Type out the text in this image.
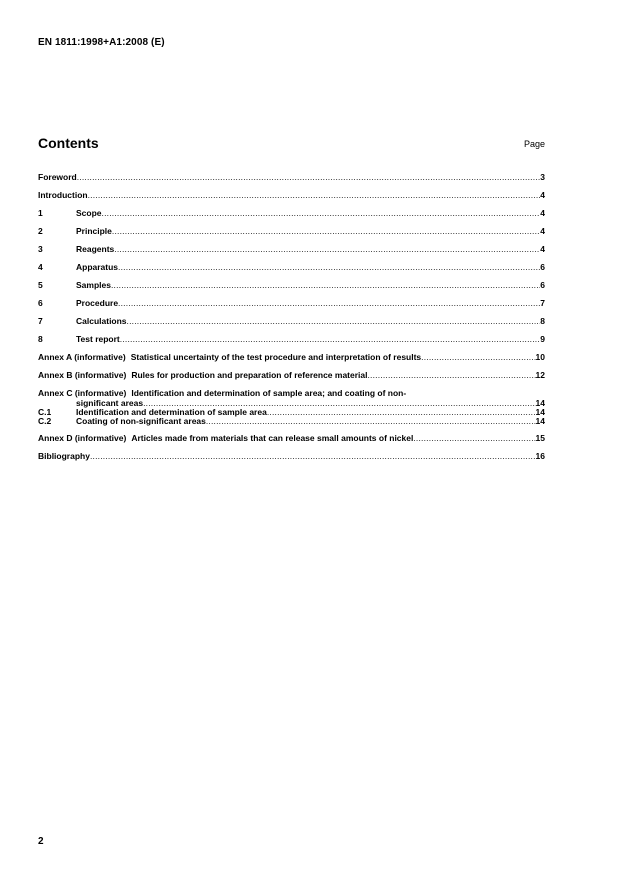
EN 1811:1998+A1:2008 (E)
Contents	Page
Foreword .....	3
Introduction .....	4
1	Scope .....	4
2	Principle .....	4
3	Reagents .....	4
4	Apparatus .....	6
5	Samples .....	6
6	Procedure .....	7
7	Calculations .....	8
8	Test report .....	9
Annex A (informative) Statistical uncertainty of the test procedure and interpretation of results .....	10
Annex B (informative) Rules for production and preparation of reference material .....	12
Annex C (informative) Identification and determination of sample area; and coating of non-
significant areas .....	14
C.1	Identification and determination of sample area .....	14
C.2	Coating of non-significant areas .....	14
Annex D (informative) Articles made from materials that can release small amounts of nickel .....	15
Bibliography .....	16
2
